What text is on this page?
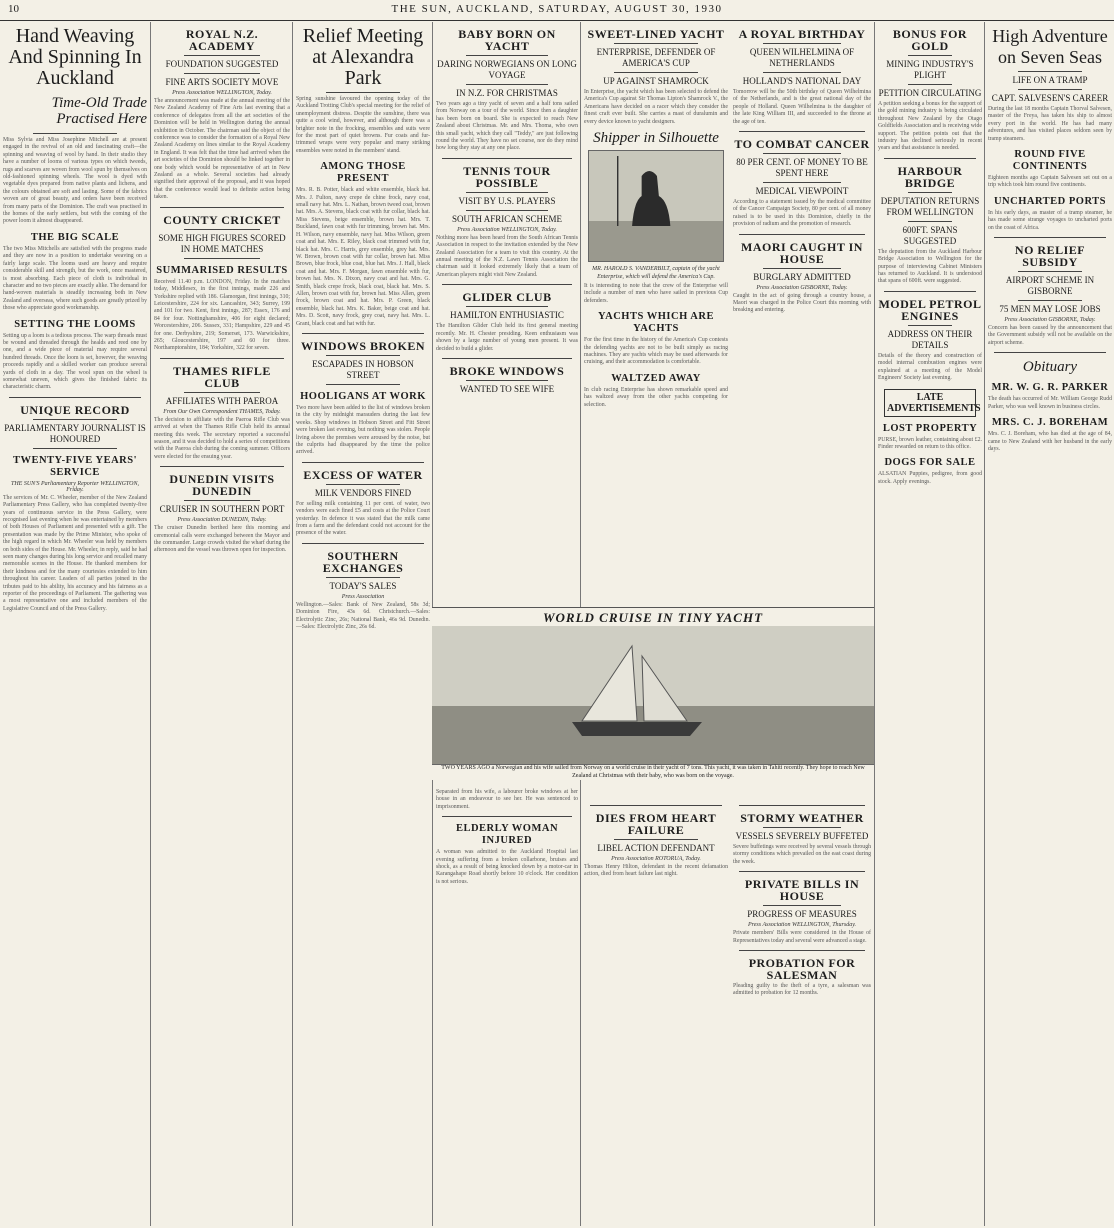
10	THE SUN, AUCKLAND, SATURDAY, AUGUST 30, 1930
Hand Weaving And Spinning In Auckland
Time-Old Trade Practised Here
Miss Sylvia and Miss Josephine Mitchell are at present engaged in the revival of an old and fascinating craft—the spinning and weaving of wool by hand. In their studio they have a number of looms of various types on which tweeds, rugs and scarves are woven from wool spun by themselves on old-fashioned spinning wheels. The wool is dyed with vegetable dyes prepared from native plants and lichens, and the colours obtained are soft and lasting. Some of the fabrics woven are of great beauty, and orders have been received from many parts of the Dominion. The craft was practised in the homes of the early settlers, but with the coming of the power loom it almost disappeared.
THE BIG SCALE
The two Miss Mitchells are satisfied with the progress made and they are now in a position to undertake weaving on a fairly large scale. The looms used are heavy and require considerable skill and strength, but the work, once mastered, is most absorbing. Each piece of cloth is individual in character and no two pieces are exactly alike. The demand for hand-woven materials is steadily increasing both in New Zealand and overseas, where such goods are greatly prized by those who appreciate good workmanship.
SETTING THE LOOMS
Setting up a loom is a tedious process. The warp threads must be wound and threaded through the healds and reed one by one, and a wide piece of material may require several hundred threads. Once the loom is set, however, the weaving proceeds rapidly and a skilled worker can produce several yards of cloth in a day. The wool spun on the wheel is somewhat uneven, which gives the finished fabric its characteristic charm.
UNIQUE RECORD
PARLIAMENTARY JOURNALIST IS HONOURED
TWENTY-FIVE YEARS' SERVICE
THE SUN'S Parliamentary Reporter WELLINGTON, Friday.
The services of Mr. C. Wheeler, member of the New Zealand Parliamentary Press Gallery, who has completed twenty-five years of continuous service in the Press Gallery, were recognised last evening when he was entertained by members of both Houses of Parliament and presented with a gift. The presentation was made by the Prime Minister, who spoke of the high regard in which Mr. Wheeler was held by members on both sides of the House. Mr. Wheeler, in reply, said he had seen many changes during his long service and recalled many memorable scenes in the House. He thanked members for their kindness and for the many courtesies extended to him throughout his career. Leaders of all parties joined in the tributes paid to his ability, his accuracy and his fairness as a reporter of the proceedings of Parliament. The gathering was a most representative one and included members of the Legislative Council and of the Press Gallery.
ROYAL N.Z. ACADEMY
FOUNDATION SUGGESTED
FINE ARTS SOCIETY MOVE
Press Association WELLINGTON, Today.
The announcement was made at the annual meeting of the New Zealand Academy of Fine Arts last evening that a conference of delegates from all the art societies of the Dominion will be held in Wellington during the annual exhibition in October. The chairman said the object of the conference was to consider the formation of a Royal New Zealand Academy on lines similar to the Royal Academy in England. It was felt that the time had arrived when the art societies of the Dominion should be linked together in one body which would be representative of art in New Zealand as a whole. Several societies had already signified their approval of the proposal, and it was hoped that the conference would lead to definite action being taken.
COUNTY CRICKET
SOME HIGH FIGURES SCORED IN HOME MATCHES
SUMMARISED RESULTS
Received 11.40 p.m. LONDON, Friday. In the matches today, Middlesex, in the first innings, made 226 and Yorkshire replied with 186. Glamorgan, first innings, 310; Leicestershire, 224 for six. Lancashire, 343; Surrey, 199 and 101 for two. Kent, first innings, 287; Essex, 176 and 84 for four. Nottinghamshire, 406 for eight declared; Worcestershire, 206. Sussex, 331; Hampshire, 229 and 45 for one. Derbyshire, 219; Somerset, 173. Warwickshire, 265; Gloucestershire, 197 and 60 for three. Northamptonshire, 184; Yorkshire, 322 for seven.
THAMES RIFLE CLUB
AFFILIATES WITH PAEROA
From Our Own Correspondent THAMES, Today.
The decision to affiliate with the Paeroa Rifle Club was arrived at when the Thames Rifle Club held its annual meeting this week. The secretary reported a successful season, and it was decided to hold a series of competitions with the Paeroa club during the coming summer. Officers were elected for the ensuing year.
DUNEDIN VISITS DUNEDIN
CRUISER IN SOUTHERN PORT
Press Association DUNEDIN, Today.
The cruiser Dunedin berthed here this morning and ceremonial calls were exchanged between the Mayor and the commander. Large crowds visited the wharf during the afternoon and the vessel was thrown open for inspection.
Relief Meeting at Alexandra Park
Spring sunshine favoured the opening today of the Auckland Trotting Club's special meeting for the relief of unemployment distress. Despite the sunshine, there was quite a cool wind, however, and although there was a brighter note in the frocking, ensembles and suits were for the most part of quiet browns. Fur coats and fur-trimmed wraps were very popular and many striking ensembles were noted in the members' stand.
AMONG THOSE PRESENT
Mrs. R. B. Potter, black and white ensemble, black hat. Mrs. J. Fulton, navy crepe de chine frock, navy coat, small navy hat. Mrs. L. Nathan, brown tweed coat, brown hat. Mrs. A. Stevens, black coat with fur collar, black hat. Miss Stevens, beige ensemble, brown hat. Mrs. T. Buckland, fawn coat with fur trimming, brown hat. Mrs. H. Wilson, navy ensemble, navy hat. Miss Wilson, green coat and hat. Mrs. E. Riley, black coat trimmed with fur, black hat. Mrs. C. Harris, grey ensemble, grey hat. Mrs. W. Brown, brown coat with fur collar, brown hat. Miss Brown, blue frock, blue coat, blue hat. Mrs. J. Hall, black coat and hat. Mrs. F. Morgan, fawn ensemble with fur, brown hat. Mrs. N. Dixon, navy coat and hat. Mrs. G. Smith, black crepe frock, black coat, black hat. Mrs. S. Allen, brown coat with fur, brown hat. Miss Allen, green frock, brown coat and hat. Mrs. P. Green, black ensemble, black hat. Mrs. K. Baker, beige coat and hat. Mrs. D. Scott, navy frock, grey coat, navy hat. Mrs. L. Grant, black coat and hat with fur.
WINDOWS BROKEN
ESCAPADES IN HOBSON STREET
HOOLIGANS AT WORK
Two more have been added to the list of windows broken in the city by midnight marauders during the last few weeks. Shop windows in Hobson Street and Fitt Street were broken last evening, but nothing was stolen. People living above the premises were aroused by the noise, but the culprits had disappeared by the time the police arrived.
EXCESS OF WATER
MILK VENDORS FINED
For selling milk containing 11 per cent. of water, two vendors were each fined £5 and costs at the Police Court yesterday. In defence it was stated that the milk came from a farm and the defendant could not account for the presence of the water.
SOUTHERN EXCHANGES
TODAY'S SALES
Press Association
Wellington.—Sales: Bank of New Zealand, 58s 3d; Dominion Fire, 43s 6d. Christchurch.—Sales: Electrolytic Zinc, 26s; National Bank, 46s 9d. Dunedin.—Sales: Electrolytic Zinc, 26s 6d.
BABY BORN ON YACHT
DARING NORWEGIANS ON LONG VOYAGE
IN N.Z. FOR CHRISTMAS
Two years ago a tiny yacht of seven and a half tons sailed from Norway on a tour of the world. Since then a daughter has been born on board. She is expected to reach New Zealand about Christmas. Mr. and Mrs. Thoma, who own this small yacht, which they call "Teddy," are just following round the world. They have no set course, nor do they mind how long they stay at any one place.
TENNIS TOUR POSSIBLE
VISIT BY U.S. PLAYERS
SOUTH AFRICAN SCHEME
Press Association WELLINGTON, Today.
Nothing more has been heard from the South African Tennis Association in respect to the invitation extended by the New Zealand Association for a team to visit this country. At the annual meeting of the N.Z. Lawn Tennis Association the chairman said it looked extremely likely that a team of American players might visit New Zealand.
GLIDER CLUB
HAMILTON ENTHUSIASTIC
The Hamilton Glider Club held its first general meeting recently. Mr. H. Chester presiding. Keen enthusiasm was shown by a large number of young men present. It was decided to build a glider.
BROKE WINDOWS
WANTED TO SEE WIFE
Separated from his wife, a labourer broke windows at her house in an endeavour to see her. He was sentenced to imprisonment.
ELDERLY WOMAN INJURED
A woman was admitted to the Auckland Hospital last evening suffering from a broken collarbone, bruises and shock, as a result of being knocked down by a motor-car in Karangahape Road shortly before 10 o'clock. Her condition is not serious.
SWEET-LINED YACHT
ENTERPRISE, DEFENDER OF AMERICA'S CUP
UP AGAINST SHAMROCK
In Enterprise, the yacht which has been selected to defend the America's Cup against Sir Thomas Lipton's Shamrock V., the Americans have decided on a racer which they consider the finest craft ever built. She carries a mast of duralumin and every device known to yacht designers.
Shipper in Silhouette
MR. HAROLD S. VANDERBILT, captain of the yacht Enterprise, which will defend the America's Cup.
It is interesting to note that the crew of the Enterprise will include a number of men who have sailed in previous Cup defenders.
YACHTS WHICH ARE YACHTS
For the first time in the history of the America's Cup contests the defending yachts are not to be built simply as racing machines. They are yachts which may be used afterwards for cruising, and their accommodation is comfortable.
WALTZED AWAY
In club racing Enterprise has shown remarkable speed and has waltzed away from the other yachts competing for selection.
DIES FROM HEART FAILURE
LIBEL ACTION DEFENDANT
Press Association ROTORUA, Today.
Thomas Henry Hilton, defendant in the recent defamation action, died from heart failure last night.
WORLD CRUISE IN TINY YACHT
TWO YEARS AGO a Norwegian and his wife sailed from Norway on a world cruise in their yacht of 7 tons. This yacht, it was taken in Tahiti recently. They hope to reach New Zealand at Christmas with their baby, who was born on the voyage.
A ROYAL BIRTHDAY
QUEEN WILHELMINA OF NETHERLANDS
HOLLAND'S NATIONAL DAY
Tomorrow will be the 50th birthday of Queen Wilhelmina of the Netherlands, and is the great national day of the people of Holland. Queen Wilhelmina is the daughter of the late King William III, and succeeded to the throne at the age of ten.
TO COMBAT CANCER
80 PER CENT. OF MONEY TO BE SPENT HERE
MEDICAL VIEWPOINT
According to a statement issued by the medical committee of the Cancer Campaign Society, 80 per cent. of all money raised is to be used in this Dominion, chiefly in the provision of radium and the promotion of research.
MAORI CAUGHT IN HOUSE
BURGLARY ADMITTED
Press Association GISBORNE, Today.
Caught in the act of going through a country house, a Maori was charged in the Police Court this morning with breaking and entering.
STORMY WEATHER
VESSELS SEVERELY BUFFETED
Severe buffetings were received by several vessels through stormy conditions which prevailed on the east coast during the week.
PRIVATE BILLS IN HOUSE
PROGRESS OF MEASURES
Press Association WELLINGTON, Thursday.
Private members' Bills were considered in the House of Representatives today and several were advanced a stage.
PROBATION FOR SALESMAN
Pleading guilty to the theft of a tyre, a salesman was admitted to probation for 12 months.
BONUS FOR GOLD
MINING INDUSTRY'S PLIGHT
PETITION CIRCULATING
A petition seeking a bonus for the support of the gold mining industry is being circulated throughout New Zealand by the Otago Goldfields Association and is receiving wide support. The petition points out that the industry has declined seriously in recent years and that assistance is needed.
HARBOUR BRIDGE
DEPUTATION RETURNS FROM WELLINGTON
600FT. SPANS SUGGESTED
The deputation from the Auckland Harbour Bridge Association to Wellington for the purpose of interviewing Cabinet Ministers has returned to Auckland. It is understood that spans of 600ft. were suggested.
MODEL PETROL ENGINES
ADDRESS ON THEIR DETAILS
Details of the theory and construction of model internal combustion engines were explained at a meeting of the Model Engineers' Society last evening.
LATE ADVERTISEMENTS
LOST PROPERTY
PURSE, brown leather, containing about £2. Finder rewarded on return to this office.
DOGS FOR SALE
ALSATIAN Puppies, pedigree, from good stock. Apply evenings.
High Adventure on Seven Seas
LIFE ON A TRAMP
CAPT. SALVESEN'S CAREER
During the last 18 months Captain Thorval Salvesen, master of the Freya, has taken his ship to almost every port in the world. He has had many adventures, and has visited places seldom seen by tramp steamers.
ROUND FIVE CONTINENTS
Eighteen months ago Captain Salvesen set out on a trip which took him round five continents.
UNCHARTED PORTS
In his early days, as master of a tramp steamer, he has made some strange voyages to uncharted ports on the coast of Africa.
NO RELIEF SUBSIDY
AIRPORT SCHEME IN GISBORNE
75 MEN MAY LOSE JOBS
Press Association GISBORNE, Today.
Concern has been caused by the announcement that the Government subsidy will not be available on the airport scheme.
Obituary
MR. W. G. R. PARKER
The death has occurred of Mr. William George Rudd Parker, who was well known in business circles.
MRS. C. J. BOREHAM
Mrs. C. J. Boreham, who has died at the age of 84, came to New Zealand with her husband in the early days.
